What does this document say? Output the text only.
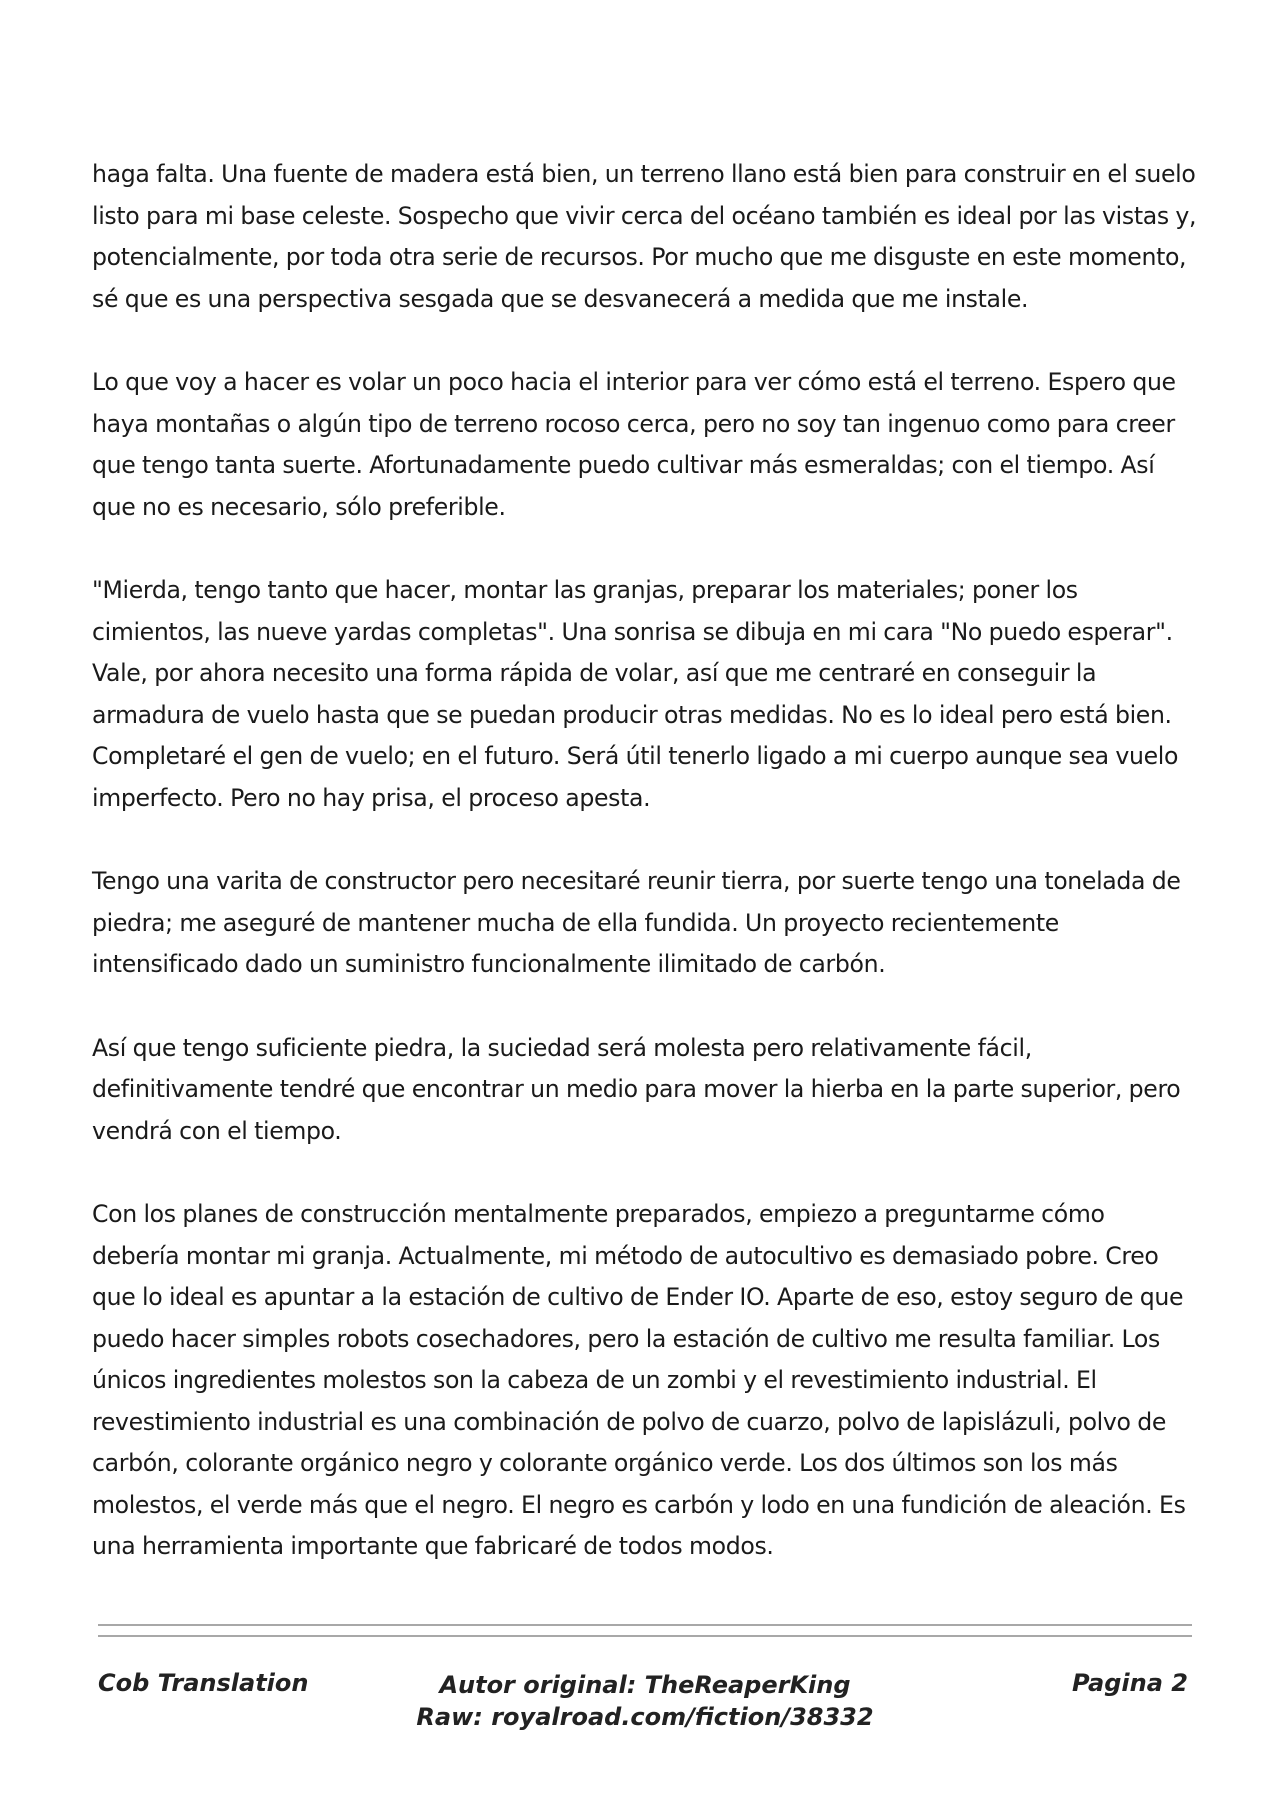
haga falta. Una fuente de madera está bien, un terreno llano está bien para construir en el suelo listo para mi base celeste. Sospecho que vivir cerca del océano también es ideal por las vistas y, potencialmente, por toda otra serie de recursos. Por mucho que me disguste en este momento, sé que es una perspectiva sesgada que se desvanecerá a medida que me instale.

Lo que voy a hacer es volar un poco hacia el interior para ver cómo está el terreno. Espero que haya montañas o algún tipo de terreno rocoso cerca, pero no soy tan ingenuo como para creer que tengo tanta suerte. Afortunadamente puedo cultivar más esmeraldas; con el tiempo. Así que no es necesario, sólo preferible.

"Mierda, tengo tanto que hacer, montar las granjas, preparar los materiales; poner los cimientos, las nueve yardas completas". Una sonrisa se dibuja en mi cara "No puedo esperar". Vale, por ahora necesito una forma rápida de volar, así que me centraré en conseguir la armadura de vuelo hasta que se puedan producir otras medidas. No es lo ideal pero está bien. Completaré el gen de vuelo; en el futuro. Será útil tenerlo ligado a mi cuerpo aunque sea vuelo imperfecto. Pero no hay prisa, el proceso apesta.

Tengo una varita de constructor pero necesitaré reunir tierra, por suerte tengo una tonelada de piedra; me aseguré de mantener mucha de ella fundida. Un proyecto recientemente intensificado dado un suministro funcionalmente ilimitado de carbón.

Así que tengo suficiente piedra, la suciedad será molesta pero relativamente fácil, definitivamente tendré que encontrar un medio para mover la hierba en la parte superior, pero vendrá con el tiempo.

Con los planes de construcción mentalmente preparados, empiezo a preguntarme cómo debería montar mi granja. Actualmente, mi método de autocultivo es demasiado pobre. Creo que lo ideal es apuntar a la estación de cultivo de Ender IO. Aparte de eso, estoy seguro de que puedo hacer simples robots cosechadores, pero la estación de cultivo me resulta familiar. Los únicos ingredientes molestos son la cabeza de un zombi y el revestimiento industrial. El revestimiento industrial es una combinación de polvo de cuarzo, polvo de lapislázuli, polvo de carbón, colorante orgánico negro y colorante orgánico verde. Los dos últimos son los más molestos, el verde más que el negro. El negro es carbón y lodo en una fundición de aleación. Es una herramienta importante que fabricaré de todos modos.

Cob Translation	Autor original: TheReaperKing
Raw: royalroad.com/fiction/38332
Pagina 2
